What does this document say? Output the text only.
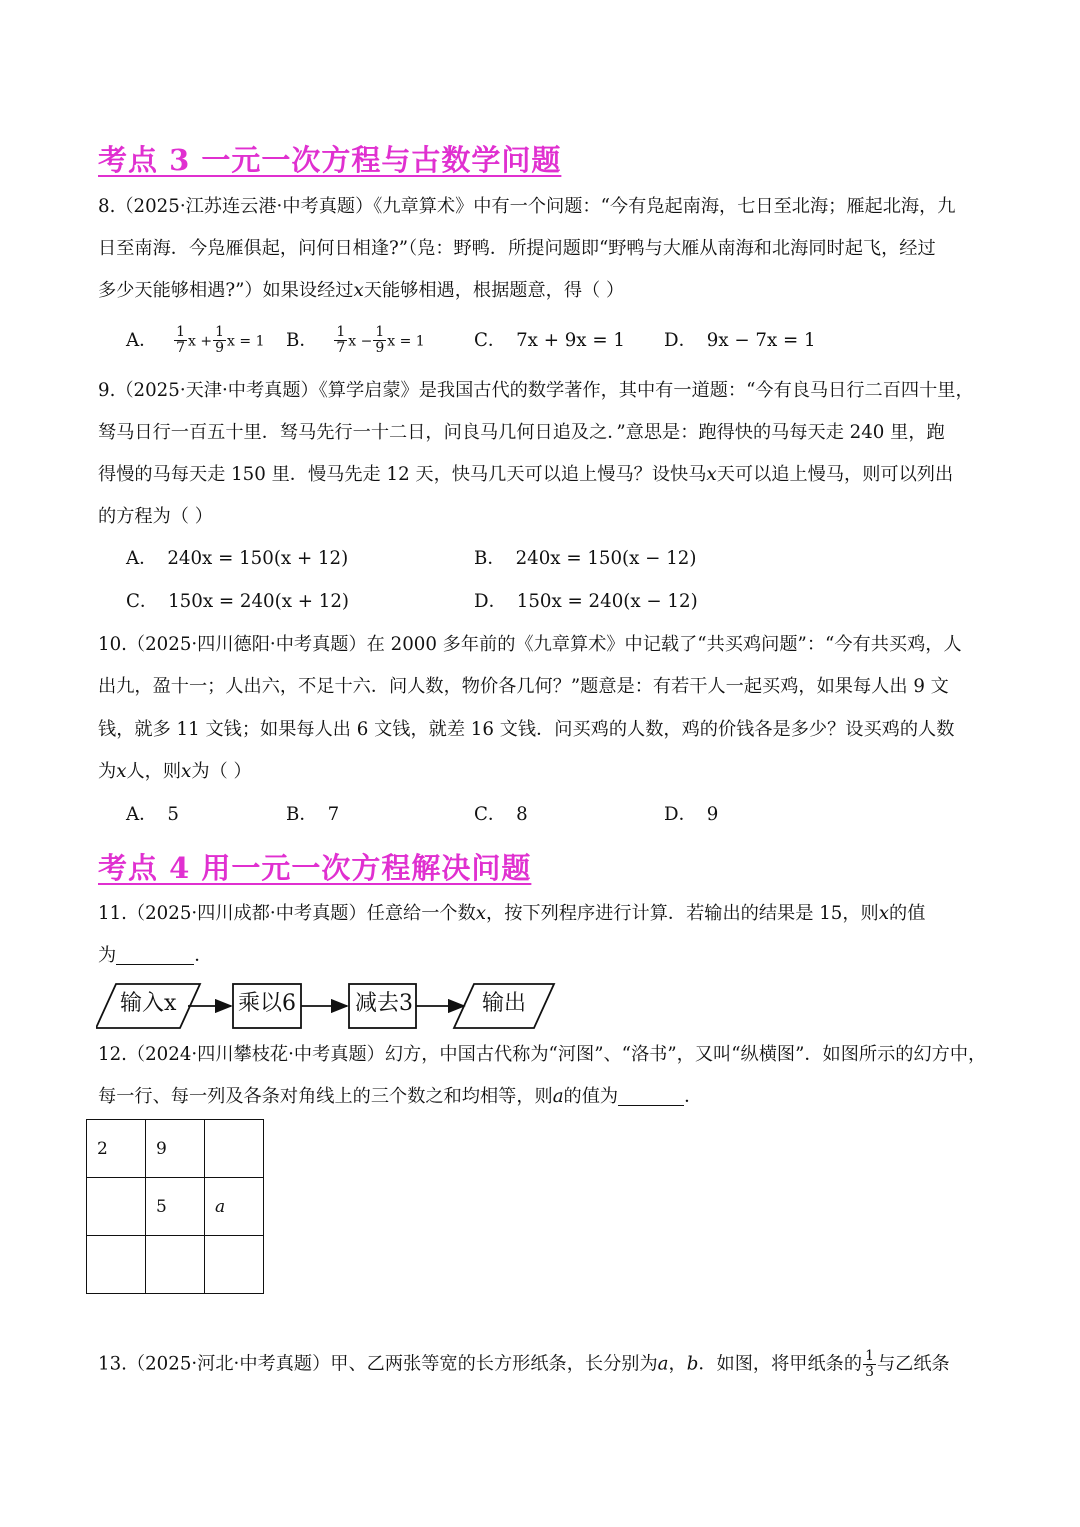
考点 3 一元一次方程与古数学问题
8.（2025·江苏连云港·中考真题）《九章算术》中有一个问题：“今有凫起南海，七日至北海；雁起北海，九
日至南海．今凫雁俱起，问何日相逢?”（凫：野鸭．所提问题即“野鸭与大雁从南海和北海同时起飞，经过
多少天能够相遇?”）如果设经过x天能够相遇，根据题意，得（ ）
A． $\frac{1}{7}$ $x + \frac{1}{9}$ x = 1 B． $\frac{1}{7}$ $x - \frac{1}{9}$ x = 1	C． 7x + 9x = 1 D． 9x − 7x = 1
9.（2025·天津·中考真题）《算学启蒙》是我国古代的数学著作，其中有一道题：“今有良马日行二百四十里，
驽马日行一百五十里．驽马先行一十二日，问良马几何日追及之．”意思是：跑得快的马每天走 240 里，跑
得慢的马每天走 150 里．慢马先走 12 天，快马几天可以追上慢马？设快马x天可以追上慢马，则可以列出
的方程为（ ）
A． 240x = 150(x + 12)	B． 240x = 150(x − 12)
C． 150x = 240(x + 12)	D． 150x = 240(x − 12)
10.（2025·四川德阳·中考真题）在 2000 多年前的《九章算术》中记载了“共买鸡问题”：“今有共买鸡，人
出九，盈十一；人出六，不足十六．问人数，物价各几何？”题意是：有若干人一起买鸡，如果每人出 9 文
钱，就多 11 文钱；如果每人出 6 文钱，就差 16 文钱．问买鸡的人数，鸡的价钱各是多少？设买鸡的人数
为x人，则x为（ ）
A． 5	B． 7	C． 8	D． 9
考点 4 用一元一次方程解决问题
11.（2025·四川成都·中考真题）任意给一个数x，按下列程序进行计算．若输出的结果是 15，则x的值
为	．
输入x	乘以6	减去3	输出
12.（2024·四川攀枝花·中考真题）幻方，中国古代称为“河图”、“洛书”，又叫“纵横图”．如图所示的幻方中，
每一行、每一列及各条对角线上的三个数之和均相等，则a的值为	．
2	9	
	5	a

13.（2025·河北·中考真题）甲、乙两张等宽的长方形纸条，长分别为a，b．如图，将甲纸条的 $\frac{1}{3}$ 与乙纸条
